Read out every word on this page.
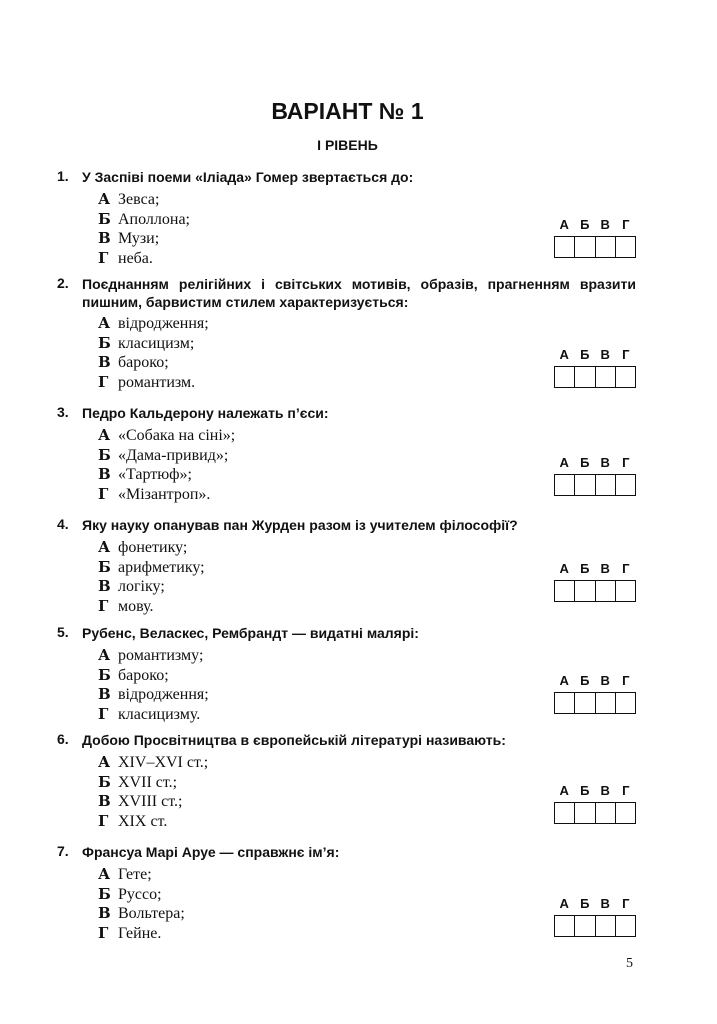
ВАРІАНТ № 1
І РІВЕНЬ
1. У Заспіві поеми «Іліада» Гомер звертається до:
А Зевса;
Б Аполлона;
В Музи;
Г неба.
А Б В Г
2. Поєднанням релігійних і світських мотивів, образів, прагненням вразити пишним, барвистим стилем характеризується:
А відродження;
Б класицизм;
В бароко;
Г романтизм.
А Б В Г
3. Педро Кальдерону належать п’єси:
А «Собака на сіні»;
Б «Дама-привид»;
В «Тартюф»;
Г «Мізантроп».
А Б В Г
4. Яку науку опанував пан Журден разом із учителем філософії?
А фонетику;
Б арифметику;
В логіку;
Г мову.
А Б В Г
5. Рубенс, Веласкес, Рембрандт — видатні малярі:
А романтизму;
Б бароко;
В відродження;
Г класицизму.
А Б В Г
6. Добою Просвітництва в європейській літературі називають:
А XIV–XVI ст.;
Б XVII ст.;
В XVIII ст.;
Г XIX ст.
А Б В Г
7. Франсуа Марі Аруе — справжнє ім’я:
А Гете;
Б Руссо;
В Вольтера;
Г Гейне.
А Б В Г
5
